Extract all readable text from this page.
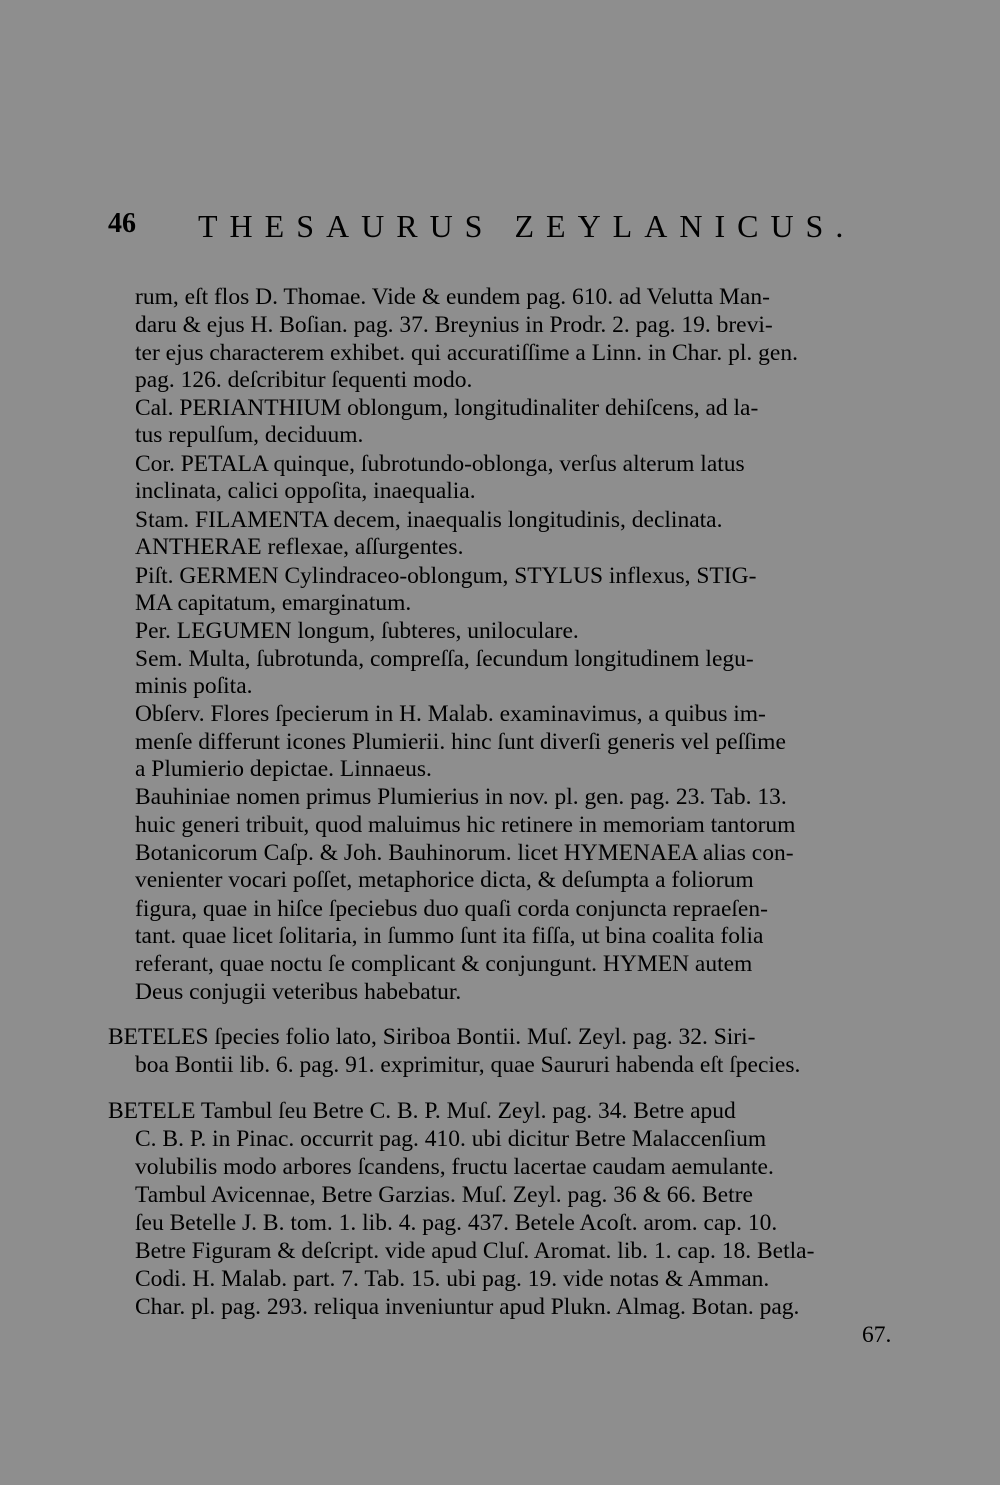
46 THESAURUS ZEYLANICUS.
rum, eſt flos D. Thomae. Vide & eundem pag. 610. ad Velutta Man-
daru & ejus H. Boſian. pag. 37. Breynius in Prodr. 2. pag. 19. brevi-
ter ejus characterem exhibet. qui accuratiſſime a Linn. in Char. pl. gen.
pag. 126. deſcribitur ſequenti modo.
Cal. PERIANTHIUM oblongum, longitudinaliter dehiſcens, ad la-
tus repulſum, deciduum.
Cor. PETALA quinque, ſubrotundo-oblonga, verſus alterum latus
inclinata, calici oppoſita, inaequalia.
Stam. FILAMENTA decem, inaequalis longitudinis, declinata.
ANTHERAE reflexae, aſſurgentes.
Piſt. GERMEN Cylindraceo-oblongum, STYLUS inflexus, STIG-
MA capitatum, emarginatum.
Per. LEGUMEN longum, ſubteres, uniloculare.
Sem. Multa, ſubrotunda, compreſſa, ſecundum longitudinem legu-
minis poſita.
Obſerv. Flores ſpecierum in H. Malab. examinavimus, a quibus im-
menſe differunt icones Plumierii. hinc ſunt diverſi generis vel peſſime
a Plumierio depictae. Linnaeus.
Bauhiniae nomen primus Plumierius in nov. pl. gen. pag. 23. Tab. 13.
huic generi tribuit, quod maluimus hic retinere in memoriam tantorum
Botanicorum Caſp. & Joh. Bauhinorum. licet HYMENAEA alias con-
venienter vocari poſſet, metaphorice dicta, & deſumpta a foliorum
figura, quae in hiſce ſpeciebus duo quaſi corda conjuncta repraeſen-
tant. quae licet ſolitaria, in ſummo ſunt ita fiſſa, ut bina coalita folia
referant, quae noctu ſe complicant & conjungunt. HYMEN autem
Deus conjugii veteribus habebatur.
BETELES ſpecies folio lato, Siriboa Bontii. Muſ. Zeyl. pag. 32. Siri-
boa Bontii lib. 6. pag. 91. exprimitur, quae Saururi habenda eſt ſpecies.
BETELE Tambul ſeu Betre C. B. P. Muſ. Zeyl. pag. 34. Betre apud
C. B. P. in Pinac. occurrit pag. 410. ubi dicitur Betre Malaccenſium
volubilis modo arbores ſcandens, fructu lacertae caudam aemulante.
Tambul Avicennae, Betre Garzias. Muſ. Zeyl. pag. 36 & 66. Betre
ſeu Betelle J. B. tom. 1. lib. 4. pag. 437. Betele Acoſt. arom. cap. 10.
Betre Figuram & deſcript. vide apud Cluſ. Aromat. lib. 1. cap. 18. Betla-
Codi. H. Malab. part. 7. Tab. 15. ubi pag. 19. vide notas & Amman.
Char. pl. pag. 293. reliqua inveniuntur apud Plukn. Almag. Botan. pag.
67.
